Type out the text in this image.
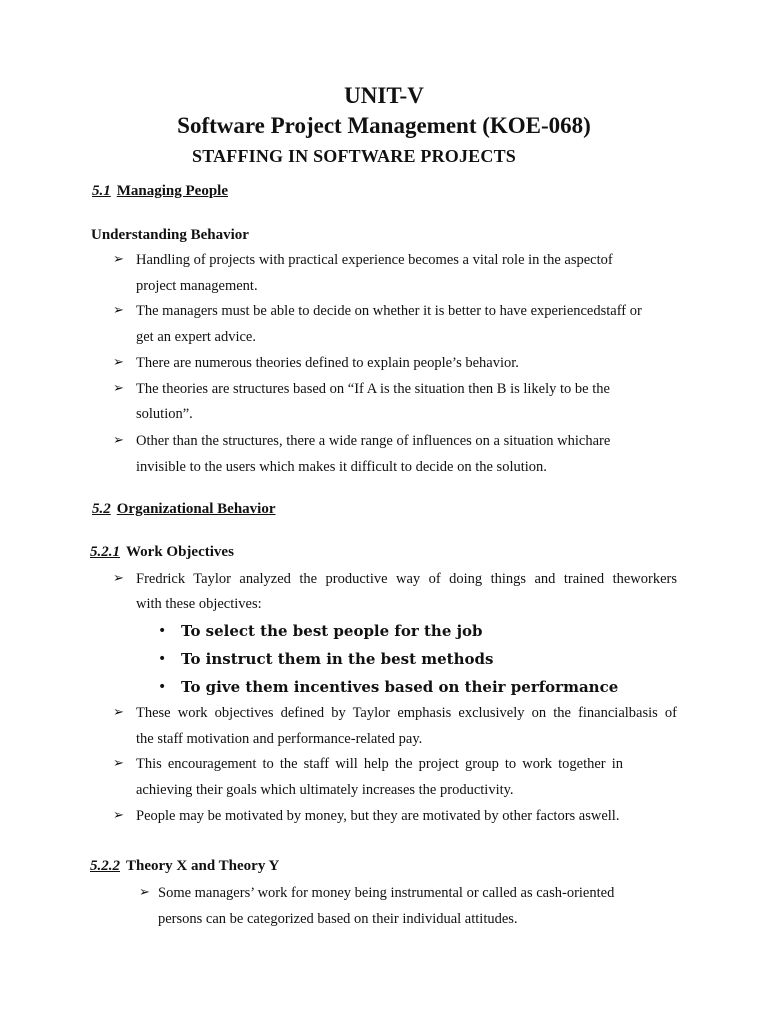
UNIT-V
Software Project Management (KOE-068)
STAFFING IN SOFTWARE PROJECTS
5.1 Managing People
Understanding Behavior
➢ Handling of projects with practical experience becomes a vital role in the aspectof
project management.
➢ The managers must be able to decide on whether it is better to have experiencedstaff or
get an expert advice.
➢ There are numerous theories defined to explain people’s behavior.
➢ The theories are structures based on “If A is the situation then B is likely to be the
solution”.
➢ Other than the structures, there a wide range of influences on a situation whichare
invisible to the users which makes it difficult to decide on the solution.
5.2 Organizational Behavior
5.2.1 Work Objectives
➢ Fredrick Taylor analyzed the productive way of doing things and trained theworkers
with these objectives:
• To select the best people for the job
• To instruct them in the best methods
• To give them incentives based on their performance
➢ These work objectives defined by Taylor emphasis exclusively on the financialbasis of
the staff motivation and performance-related pay.
➢ This encouragement to the staff will help the project group to work together in
achieving their goals which ultimately increases the productivity.
➢ People may be motivated by money, but they are motivated by other factors aswell.
5.2.2 Theory X and Theory Y
➢ Some managers’ work for money being instrumental or called as cash-oriented
persons can be categorized based on their individual attitudes.
